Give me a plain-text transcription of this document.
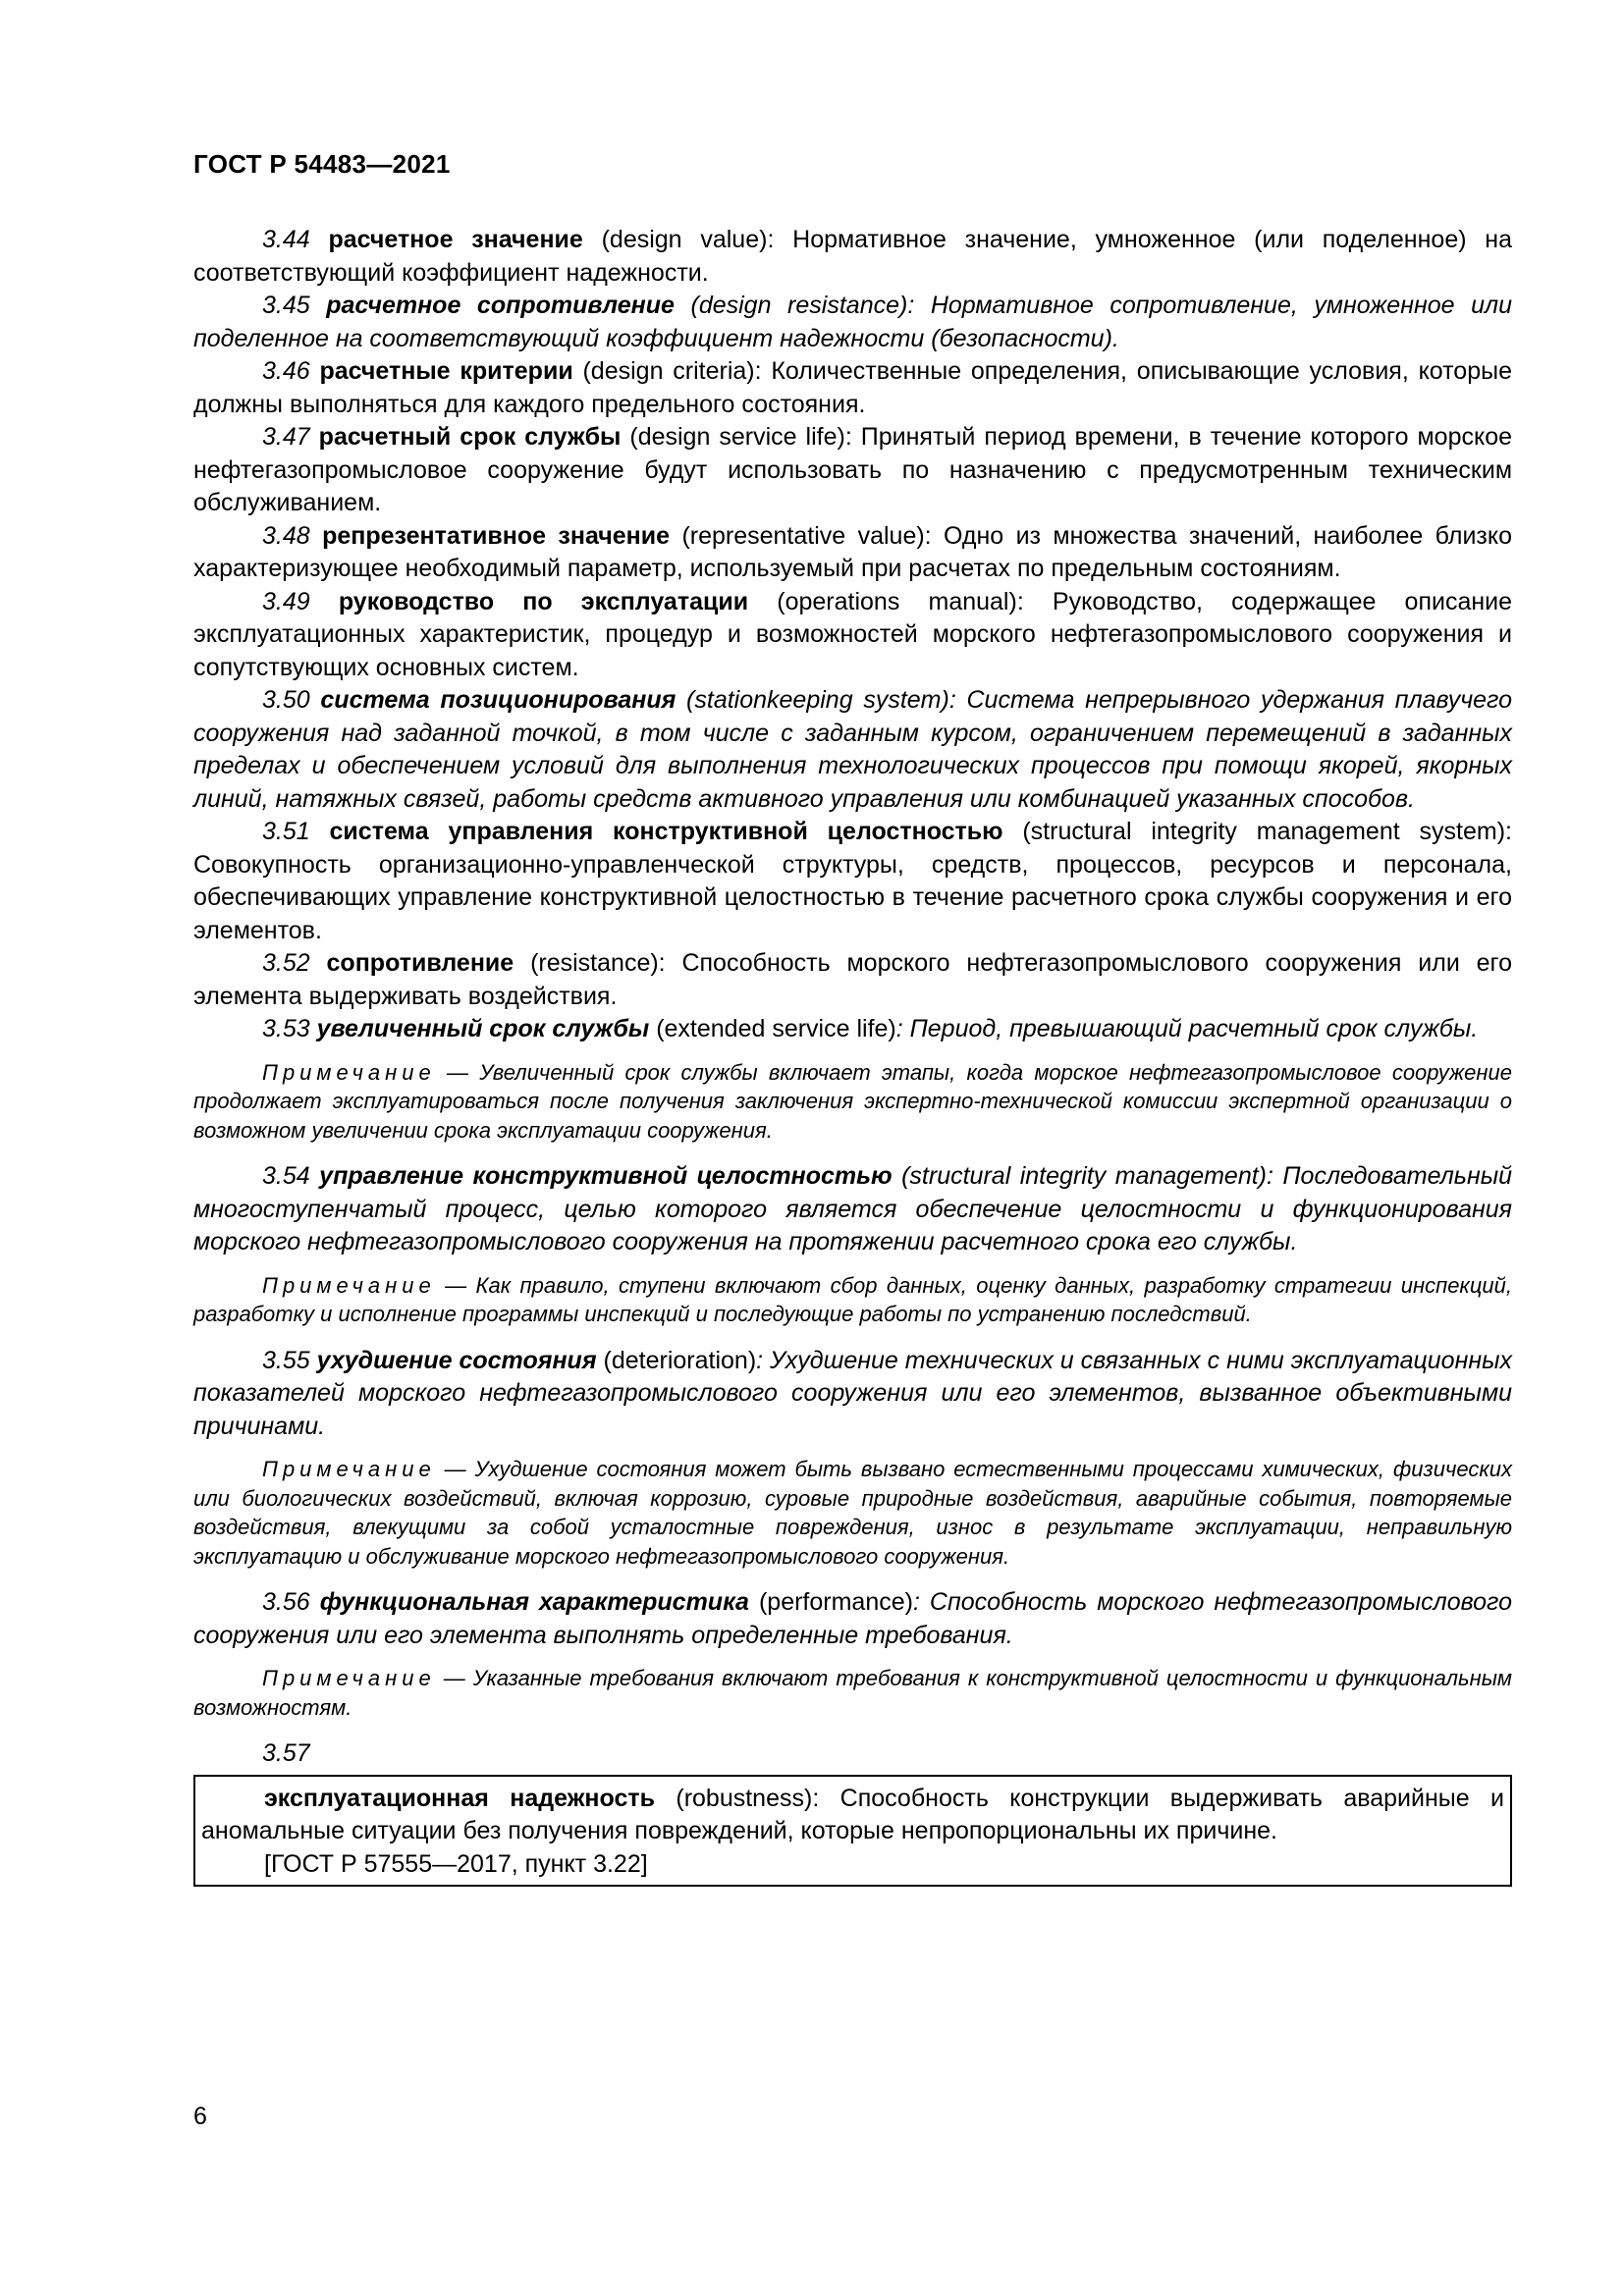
ГОСТ Р 54483—2021

3.44 расчетное значение (design value): Нормативное значение, умноженное (или поделенное) на соответствующий коэффициент надежности.

3.45 расчетное сопротивление (design resistance): Нормативное сопротивление, умноженное или поделенное на соответствующий коэффициент надежности (безопасности).

3.46 расчетные критерии (design criteria): Количественные определения, описывающие условия, которые должны выполняться для каждого предельного состояния.

3.47 расчетный срок службы (design service life): Принятый период времени, в течение которого морское нефтегазопромысловое сооружение будут использовать по назначению с предусмотренным техническим обслуживанием.

3.48 репрезентативное значение (representative value): Одно из множества значений, наиболее близко характеризующее необходимый параметр, используемый при расчетах по предельным состояниям.

3.49 руководство по эксплуатации (operations manual): Руководство, содержащее описание эксплуатационных характеристик, процедур и возможностей морского нефтегазопромыслового сооружения и сопутствующих основных систем.

3.50 система позиционирования (stationkeeping system): Система непрерывного удержания плавучего сооружения над заданной точкой, в том числе с заданным курсом, ограничением перемещений в заданных пределах и обеспечением условий для выполнения технологических процессов при помощи якорей, якорных линий, натяжных связей, работы средств активного управления или комбинацией указанных способов.

3.51 система управления конструктивной целостностью (structural integrity management system): Совокупность организационно-управленческой структуры, средств, процессов, ресурсов и персонала, обеспечивающих управление конструктивной целостностью в течение расчетного срока службы сооружения и его элементов.

3.52 сопротивление (resistance): Способность морского нефтегазопромыслового сооружения или его элемента выдерживать воздействия.

3.53 увеличенный срок службы (extended service life): Период, превышающий расчетный срок службы.

Примечание — Увеличенный срок службы включает этапы, когда морское нефтегазопромысловое сооружение продолжает эксплуатироваться после получения заключения экспертно-технической комиссии экспертной организации о возможном увеличении срока эксплуатации сооружения.

3.54 управление конструктивной целостностью (structural integrity management): Последовательный многоступенчатый процесс, целью которого является обеспечение целостности и функционирования морского нефтегазопромыслового сооружения на протяжении расчетного срока его службы.

Примечание — Как правило, ступени включают сбор данных, оценку данных, разработку стратегии инспекций, разработку и исполнение программы инспекций и последующие работы по устранению последствий.

3.55 ухудшение состояния (deterioration): Ухудшение технических и связанных с ними эксплуатационных показателей морского нефтегазопромыслового сооружения или его элементов, вызванное объективными причинами.

Примечание — Ухудшение состояния может быть вызвано естественными процессами химических, физических или биологических воздействий, включая коррозию, суровые природные воздействия, аварийные события, повторяемые воздействия, влекущими за собой усталостные повреждения, износ в результате эксплуатации, неправильную эксплуатацию и обслуживание морского нефтегазопромыслового сооружения.

3.56 функциональная характеристика (performance): Способность морского нефтегазопромыслового сооружения или его элемента выполнять определенные требования.

Примечание — Указанные требования включают требования к конструктивной целостности и функциональным возможностям.

3.57

эксплуатационная надежность (robustness): Способность конструкции выдерживать аварийные и аномальные ситуации без получения повреждений, которые непропорциональны их причине.

[ГОСТ Р 57555—2017, пункт 3.22]

6
